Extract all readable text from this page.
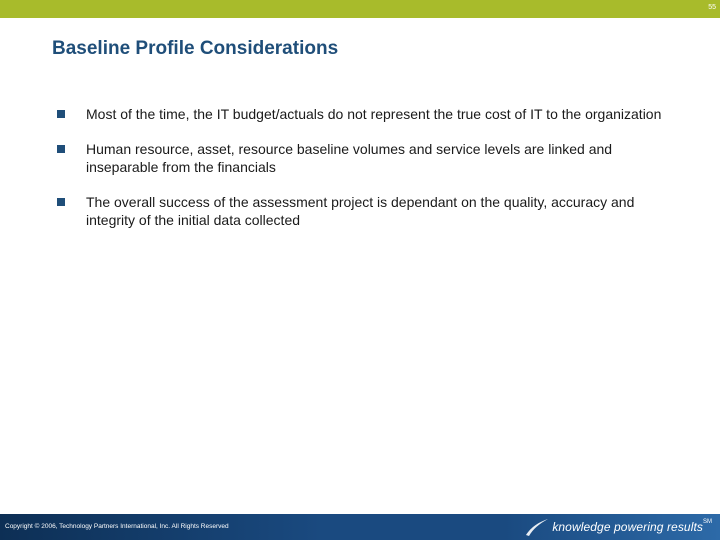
55
Baseline Profile Considerations
Most of the time, the IT budget/actuals do not represent the true cost of IT to the organization
Human resource, asset, resource baseline volumes and service levels are linked and inseparable from the financials
The overall success of the assessment project is dependant on the quality, accuracy and integrity of the initial data collected
Copyright © 2006, Technology Partners International, Inc. All Rights Reserved	knowledge powering results SM
